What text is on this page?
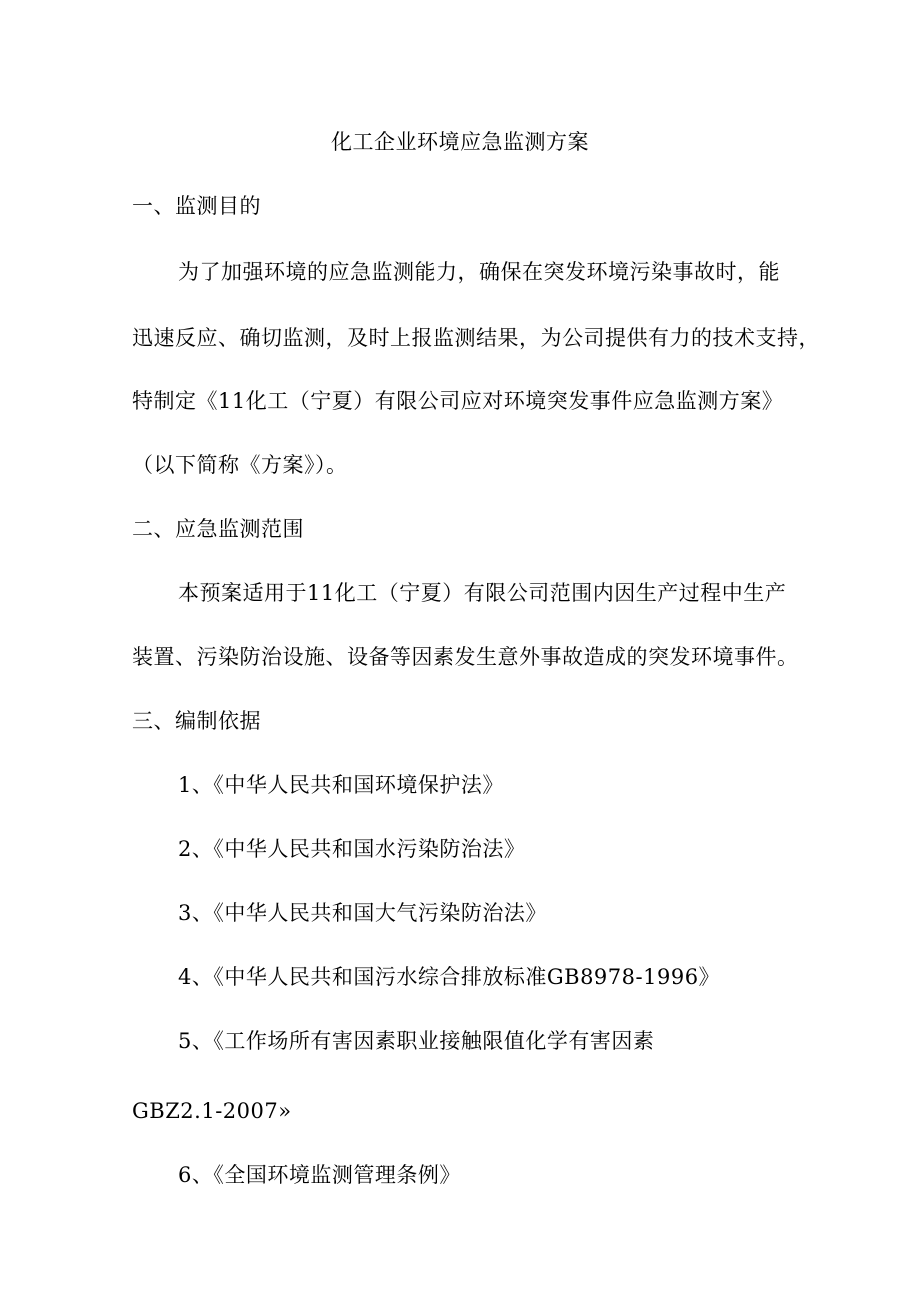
化工企业环境应急监测方案
一、监测目的
为了加强环境的应急监测能力，确保在突发环境污染事故时，能
迅速反应、确切监测，及时上报监测结果，为公司提供有力的技术支持，
特制定《11化工（宁夏）有限公司应对环境突发事件应急监测方案》
（以下简称《方案》）。
二、应急监测范围
本预案适用于11化工（宁夏）有限公司范围内因生产过程中生产
装置、污染防治设施、设备等因素发生意外事故造成的突发环境事件。
三、编制依据
1、《中华人民共和国环境保护法》
2、《中华人民共和国水污染防治法》
3、《中华人民共和国大气污染防治法》
4、《中华人民共和国污水综合排放标准GB8978-1996》
5、《工作场所有害因素职业接触限值化学有害因素
GBZ2.1-2007»
6、《全国环境监测管理条例》
